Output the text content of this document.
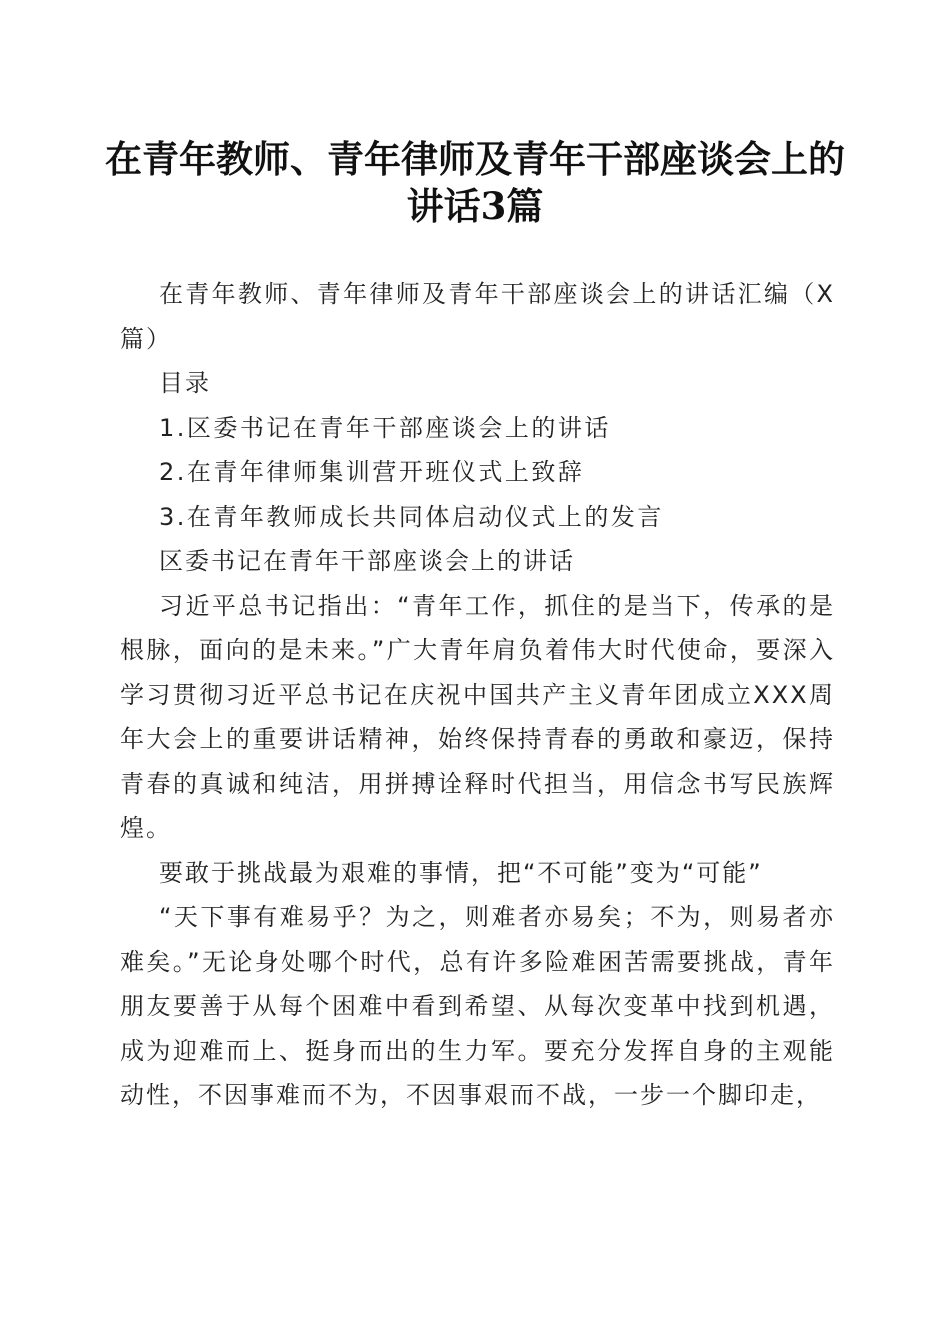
在青年教师、青年律师及青年干部座谈会上的
讲话3篇

在青年教师、青年律师及青年干部座谈会上的讲话汇编（X篇）

目录

1.区委书记在青年干部座谈会上的讲话

2.在青年律师集训营开班仪式上致辞

3.在青年教师成长共同体启动仪式上的发言

区委书记在青年干部座谈会上的讲话

习近平总书记指出：“青年工作，抓住的是当下，传承的是根脉，面向的是未来。”广大青年肩负着伟大时代使命，要深入学习贯彻习近平总书记在庆祝中国共产主义青年团成立XXX周年大会上的重要讲话精神，始终保持青春的勇敢和豪迈，保持青春的真诚和纯洁，用拼搏诠释时代担当，用信念书写民族辉煌。

要敢于挑战最为艰难的事情，把“不可能”变为“可能”

“天下事有难易乎？为之，则难者亦易矣；不为，则易者亦难矣。”无论身处哪个时代，总有许多险难困苦需要挑战，青年朋友要善于从每个困难中看到希望、从每次变革中找到机遇，成为迎难而上、挺身而出的生力军。要充分发挥自身的主观能动性，不因事难而不为，不因事艰而不战，一步一个脚印走，
